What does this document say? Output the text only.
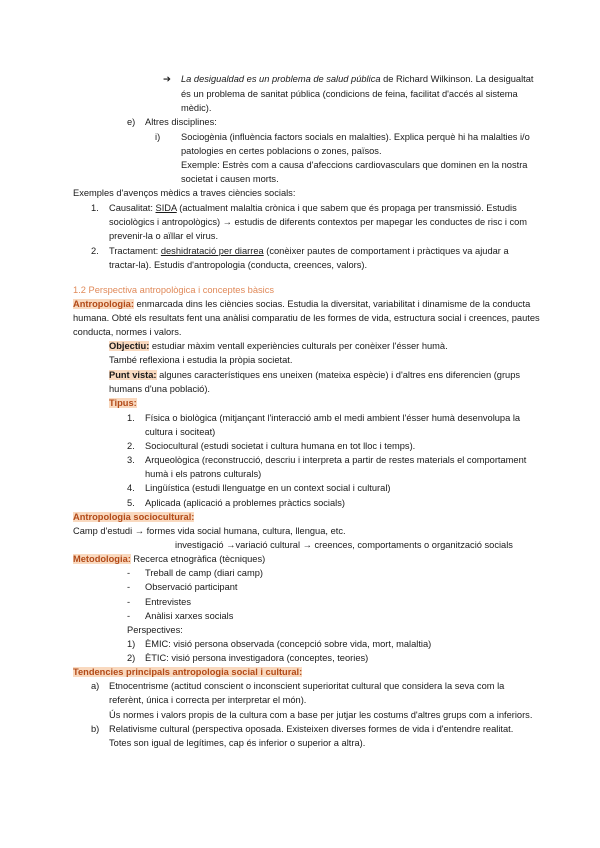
➔ La desigualdad es un problema de salud pública de Richard Wilkinson. La desigualtat
és un problema de sanitat pública (condicions de feina, facilitat d'accés al sistema
mèdic).
e) Altres disciplines:
i) Sociogènia (influència factors socials en malalties). Explica perquè hi ha malalties i/o
patologies en certes poblacions o zones, països.
Exemple: Estrès com a causa d'afeccions cardiovasculars que dominen en la nostra
societat i causen morts.
Exemples d'avenços mèdics a traves ciències socials:
1. Causalitat: SIDA (actualment malaltia crònica i que sabem que és propaga per transmissió. Estudis
sociològics i antropològics) → estudis de diferents contextos per mapegar les conductes de risc i com
prevenir-la o aïllar el virus.
2. Tractament: deshidratació per diarrea (conèixer pautes de comportament i pràctiques va ajudar a
tractar-la). Estudis d'antropologia (conducta, creences, valors).
1.2 Perspectiva antropològica i conceptes bàsics
Antropologia: enmarcada dins les ciències socias. Estudia la diversitat, variabilitat i dinamisme de la conducta
humana. Obté els resultats fent una anàlisi comparatiu de les formes de vida, estructura social i creences, pautes
conducta, normes i valors.
Objectiu: estudiar màxim ventall experiències culturals per conèixer l'ésser humà.
També reflexiona i estudia la pròpia societat.
Punt vista: algunes característiques ens uneixen (mateixa espècie) i d'altres ens diferencien (grups
humans d'una població).
Tipus:
1. Física o biològica (mitjançant l'interacció amb el medi ambient l'ésser humà desenvolupa la
cultura i sociteat)
2. Sociocultural (estudi societat i cultura humana en tot lloc i temps).
3. Arqueològica (reconstrucció, descriu i interpreta a partir de restes materials el comportament
humà i els patrons culturals)
4. Lingüística (estudi llenguatge en un context social i cultural)
5. Aplicada (aplicació a problemes pràctics socials)
Antropologia sociocultural:
Camp d'estudi → formes vida social humana, cultura, llengua, etc.
investigació →variació cultural → creences, comportaments o organització socials
Metodologia: Recerca etnogràfica (tècniques)
- Treball de camp (diari camp)
- Observació participant
- Entrevistes
- Anàlisi xarxes socials
Perspectives:
1) ÈMIC: visió persona observada (concepció sobre vida, mort, malaltia)
2) ÈTIC: visió persona investigadora (conceptes, teories)
Tendencies principals antropologia social i cultural:
a) Etnocentrisme (actitud conscient o inconscient superioritat cultural que considera la seva com la
referènt, única i correcta per interpretar el món).
Ús normes i valors propis de la cultura com a base per jutjar les costums d'altres grups com a inferiors.
b) Relativisme cultural (perspectiva oposada. Existeixen diverses formes de vida i d'entendre realitat.
Totes son igual de legítimes, cap és inferior o superior a altra).
